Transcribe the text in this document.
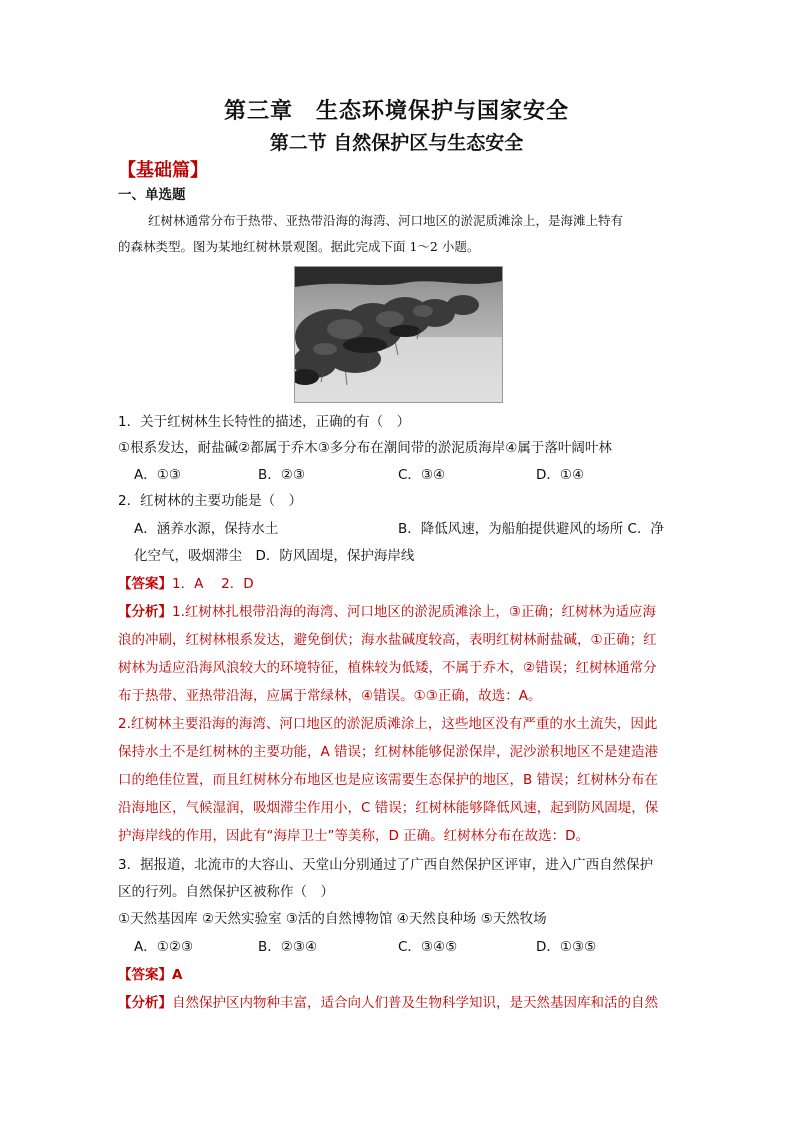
第三章　生态环境保护与国家安全
第二节 自然保护区与生态安全
【基础篇】
一、单选题
红树林通常分布于热带、亚热带沿海的海湾、河口地区的淤泥质滩涂上，是海滩上特有
的森林类型。图为某地红树林景观图。据此完成下面 1～2 小题。
1．关于红树林生长特性的描述，正确的有（　）
①根系发达，耐盐碱②都属于乔木③多分布在潮间带的淤泥质海岸④属于落叶阔叶林
A．①③	B．②③	C．③④	D．①④
2．红树林的主要功能是（　）
A．涵养水源，保持水土	B．降低风速，为船舶提供避风的场所 C．净
化空气，吸烟滞尘　D．防风固堤，保护海岸线
【答案】1．A　 2．D
【分析】1.红树林扎根带沿海的海湾、河口地区的淤泥质滩涂上，③正确；红树林为适应海
浪的冲刷，红树林根系发达，避免倒伏；海水盐碱度较高，表明红树林耐盐碱，①正确；红
树林为适应沿海风浪较大的环境特征，植株较为低矮，不属于乔木，②错误；红树林通常分
布于热带、亚热带沿海，应属于常绿林，④错误。①③正确，故选：A。
2.红树林主要沿海的海湾、河口地区的淤泥质滩涂上，这些地区没有严重的水土流失，因此
保持水土不是红树林的主要功能，A 错误；红树林能够促淤保岸，泥沙淤积地区不是建造港
口的绝佳位置，而且红树林分布地区也是应该需要生态保护的地区，B 错误；红树林分布在
沿海地区，气候湿润，吸烟滞尘作用小，C 错误；红树林能够降低风速，起到防风固堤，保
护海岸线的作用，因此有“海岸卫士”等美称，D 正确。红树林分布在故选：D。
3．据报道，北流市的大容山、天堂山分别通过了广西自然保护区评审，进入广西自然保护
区的行列。自然保护区被称作（　）
①天然基因库 ②天然实验室 ③活的自然博物馆 ④天然良种场 ⑤天然牧场
A．①②③	B．②③④	C．③④⑤	D．①③⑤
【答案】A
【分析】自然保护区内物种丰富，适合向人们普及生物科学知识，是天然基因库和活的自然
